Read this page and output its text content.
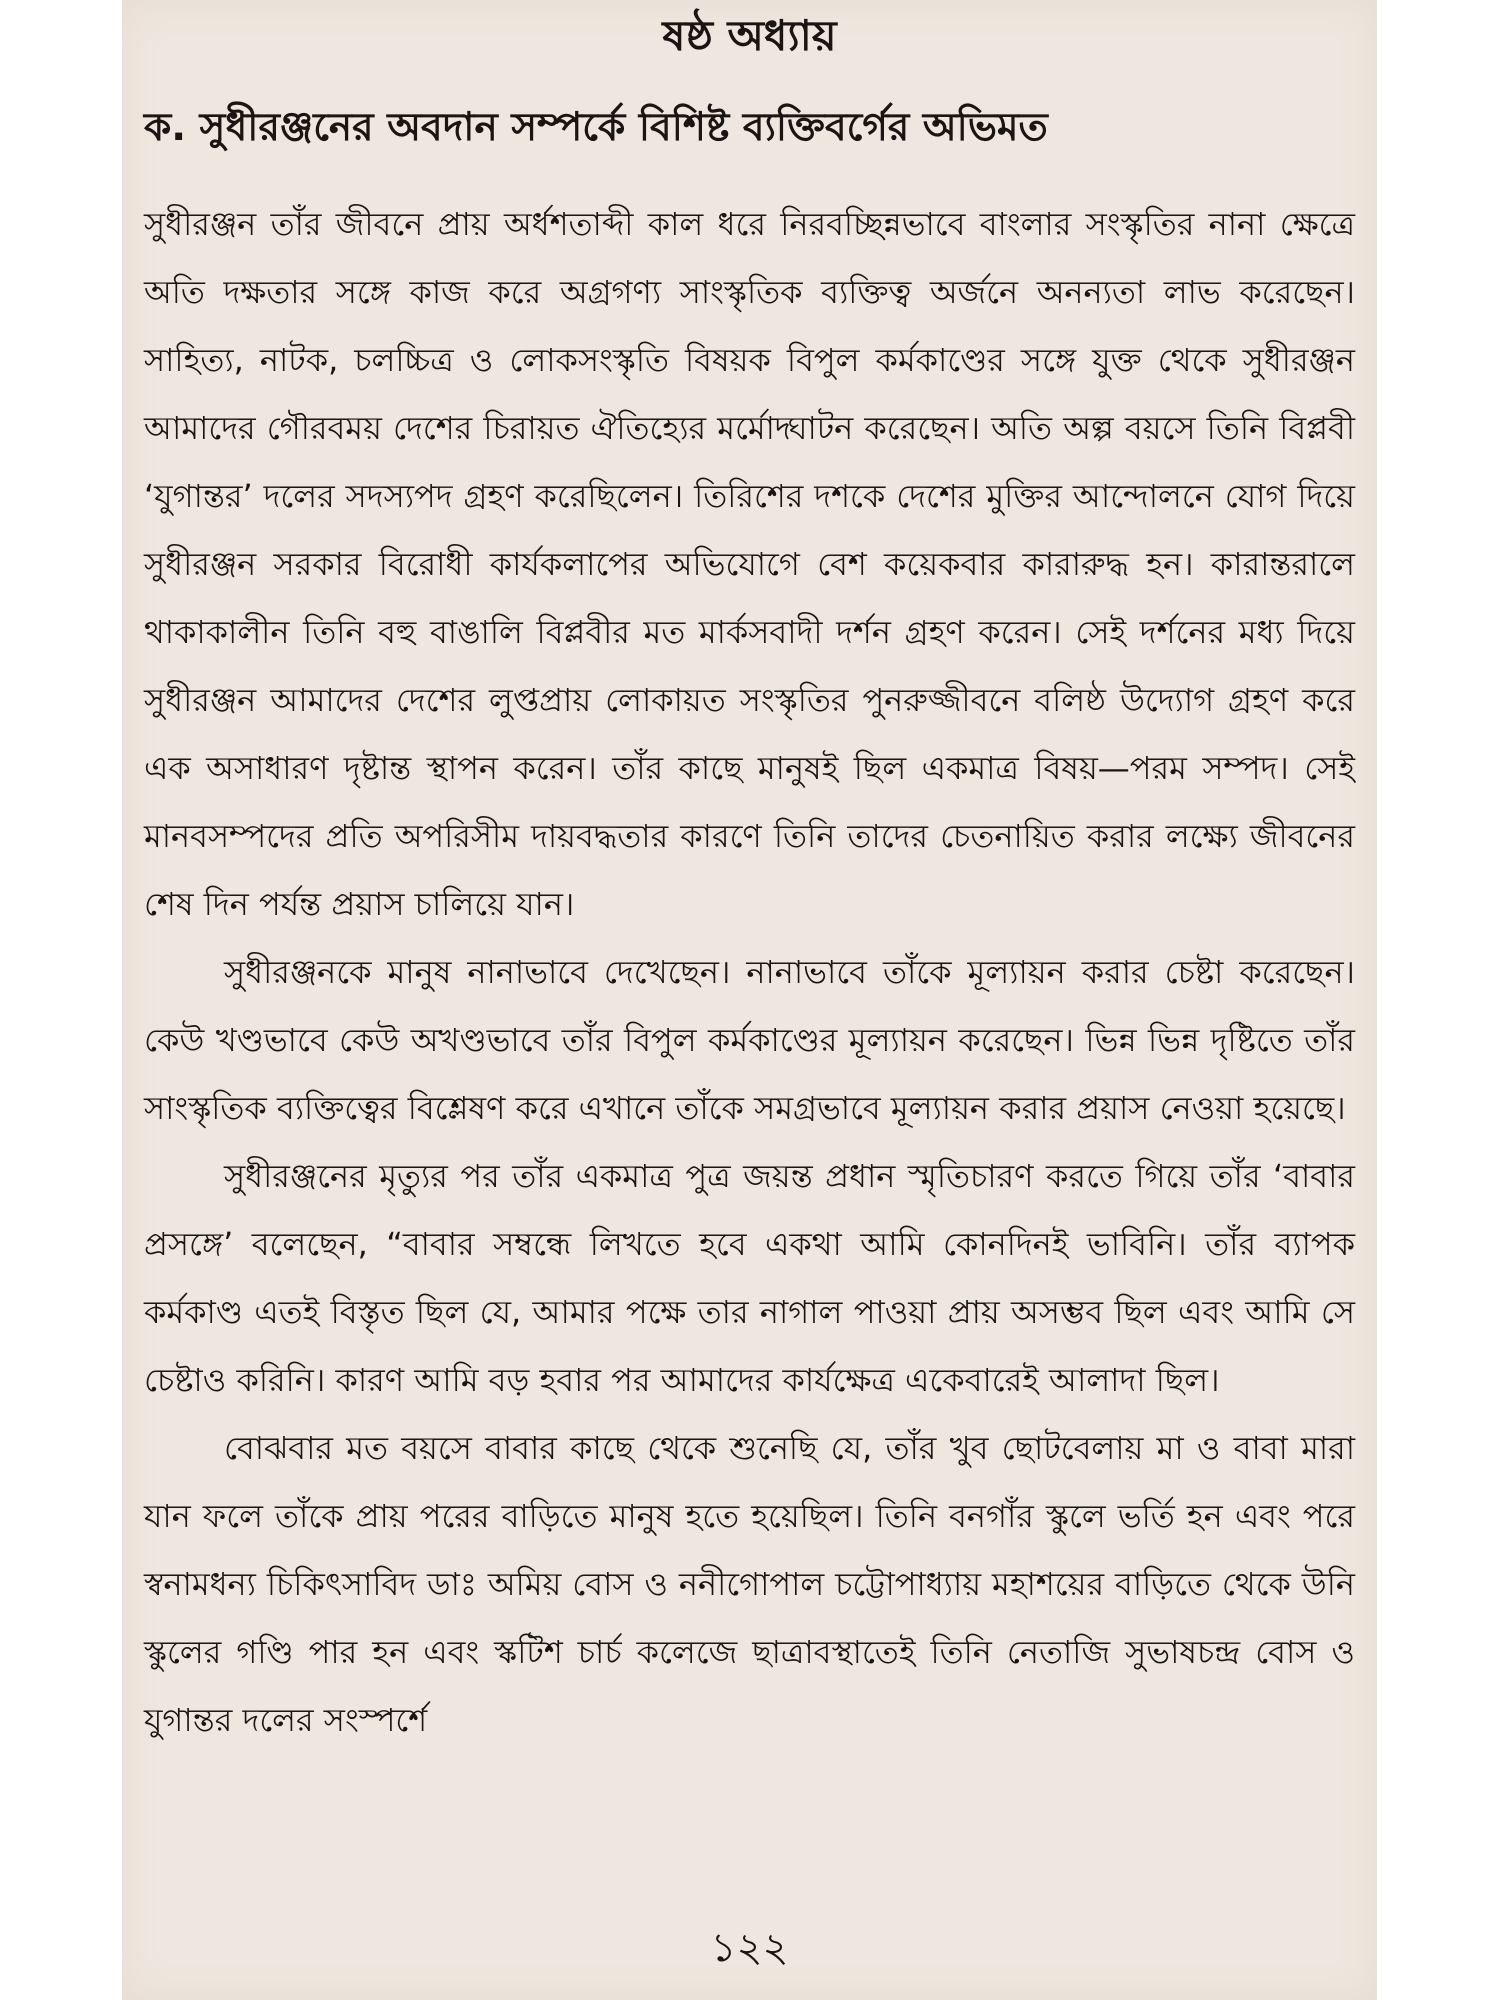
ষষ্ঠ অধ্যায়
ক. সুধীরঞ্জনের অবদান সম্পর্কে বিশিষ্ট ব্যক্তিবর্গের অভিমত

সুধীরঞ্জন তাঁর জীবনে প্রায় অর্ধশতাব্দী কাল ধরে নিরবচ্ছিন্নভাবে বাংলার সংস্কৃতির নানা ক্ষেত্রে অতি দক্ষতার সঙ্গে কাজ করে অগ্রগণ্য সাংস্কৃতিক ব্যক্তিত্ব অর্জনে অনন্যতা লাভ করেছেন। সাহিত্য, নাটক, চলচ্চিত্র ও লোকসংস্কৃতি বিষয়ক বিপুল কর্মকাণ্ডের সঙ্গে যুক্ত থেকে সুধীরঞ্জন আমাদের গৌরবময় দেশের চিরায়ত ঐতিহ্যের মর্মোদ্ঘাটন করেছেন। অতি অল্প বয়সে তিনি বিপ্লবী ‘যুগান্তর’ দলের সদস্যপদ গ্রহণ করেছিলেন। তিরিশের দশকে দেশের মুক্তির আন্দোলনে যোগ দিয়ে সুধীরঞ্জন সরকার বিরোধী কার্যকলাপের অভিযোগে বেশ কয়েকবার কারারুদ্ধ হন। কারান্তরালে থাকাকালীন তিনি বহু বাঙালি বিপ্লবীর মত মার্কসবাদী দর্শন গ্রহণ করেন। সেই দর্শনের মধ্য দিয়ে সুধীরঞ্জন আমাদের দেশের লুপ্তপ্রায় লোকায়ত সংস্কৃতির পুনরুজ্জীবনে বলিষ্ঠ উদ্যোগ গ্রহণ করে এক অসাধারণ দৃষ্টান্ত স্থাপন করেন। তাঁর কাছে মানুষই ছিল একমাত্র বিষয়—পরম সম্পদ। সেই মানবসম্পদের প্রতি অপরিসীম দায়বদ্ধতার কারণে তিনি তাদের চেতনায়িত করার লক্ষ্যে জীবনের শেষ দিন পর্যন্ত প্রয়াস চালিয়ে যান।

সুধীরঞ্জনকে মানুষ নানাভাবে দেখেছেন। নানাভাবে তাঁকে মূল্যায়ন করার চেষ্টা করেছেন। কেউ খণ্ডভাবে কেউ অখণ্ডভাবে তাঁর বিপুল কর্মকাণ্ডের মূল্যায়ন করেছেন। ভিন্ন ভিন্ন দৃষ্টিতে তাঁর সাংস্কৃতিক ব্যক্তিত্বের বিশ্লেষণ করে এখানে তাঁকে সমগ্রভাবে মূল্যায়ন করার প্রয়াস নেওয়া হয়েছে।

সুধীরঞ্জনের মৃত্যুর পর তাঁর একমাত্র পুত্র জয়ন্ত প্রধান স্মৃতিচারণ করতে গিয়ে তাঁর ‘বাবার প্রসঙ্গে’ বলেছেন, “বাবার সম্বন্ধে লিখতে হবে একথা আমি কোনদিনই ভাবিনি। তাঁর ব্যাপক কর্মকাণ্ড এতই বিস্তৃত ছিল যে, আমার পক্ষে তার নাগাল পাওয়া প্রায় অসম্ভব ছিল এবং আমি সে চেষ্টাও করিনি। কারণ আমি বড় হবার পর আমাদের কার্যক্ষেত্র একেবারেই আলাদা ছিল।

বোঝবার মত বয়সে বাবার কাছে থেকে শুনেছি যে, তাঁর খুব ছোটবেলায় মা ও বাবা মারা যান ফলে তাঁকে প্রায় পরের বাড়িতে মানুষ হতে হয়েছিল। তিনি বনগাঁর স্কুলে ভর্তি হন এবং পরে স্বনামধন্য চিকিৎসাবিদ ডাঃ অমিয় বোস ও ননীগোপাল চট্টোপাধ্যায় মহাশয়ের বাড়িতে থেকে উনি স্কুলের গণ্ডি পার হন এবং স্কটিশ চার্চ কলেজে ছাত্রাবস্থাতেই তিনি নেতাজি সুভাষচন্দ্র বোস ও যুগান্তর দলের সংস্পর্শে

১২২
